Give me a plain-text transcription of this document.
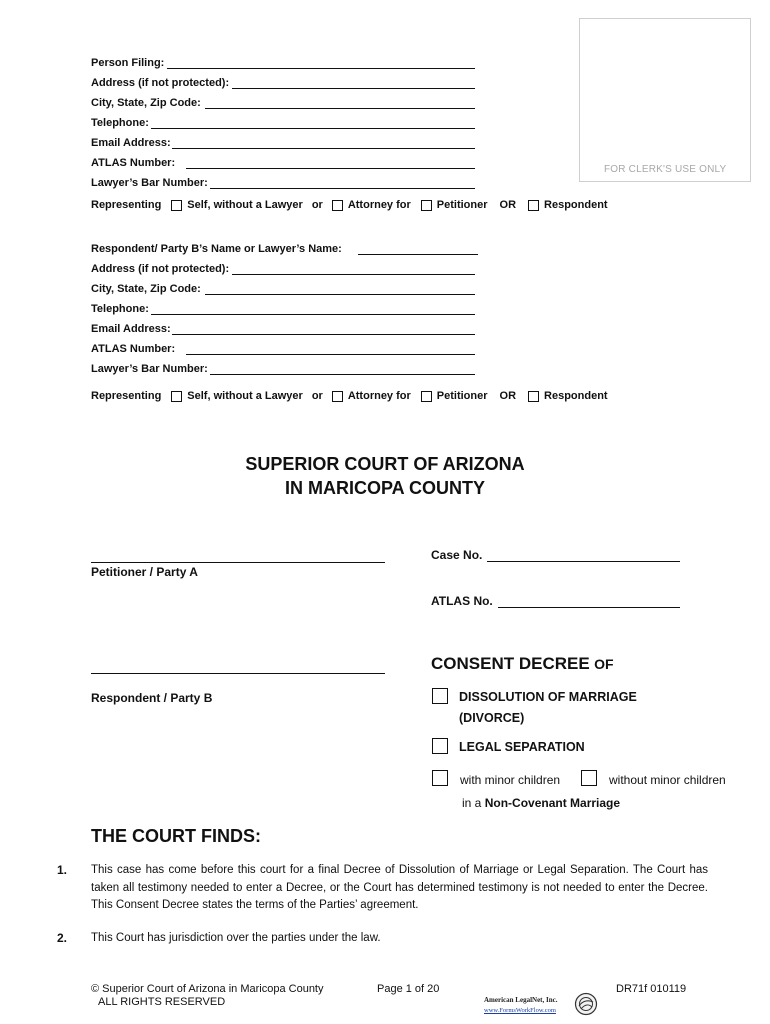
FOR CLERK'S USE ONLY
Person Filing:
Address (if not protected):
City, State, Zip Code:
Telephone:
Email Address:
ATLAS Number:
Lawyer’s Bar Number:
Representing Self, without a Lawyer or Attorney for Petitioner OR	Respondent
Respondent/ Party B’s Name or Lawyer’s Name:
Address (if not protected):
City, State, Zip Code:
Telephone:
Email Address:
ATLAS Number:
Lawyer’s Bar Number:
Representing Self, without a Lawyer or Attorney for Petitioner OR	Respondent
SUPERIOR COURT OF ARIZONA
IN MARICOPA COUNTY
Petitioner / Party A
Respondent / Party B
Case No.
ATLAS No.
CONSENT DECREE OF
DISSOLUTION OF MARRIAGE
(DIVORCE)
LEGAL SEPARATION
with minor children	without minor children
in a Non-Covenant Marriage
THE COURT FINDS:
1. This case has come before this court for a final Decree of Dissolution of Marriage or Legal Separation. The Court has taken all testimony needed to enter a Decree, or the Court has determined testimony is not needed to enter the Decree. This Consent Decree states the terms of the Parties’ agreement.
2. This Court has jurisdiction over the parties under the law.
© Superior Court of Arizona in Maricopa County
ALL RIGHTS RESERVED
Page 1 of 20	DR71f 010119
American LegalNet, Inc.
www.FormsWorkFlow.com
